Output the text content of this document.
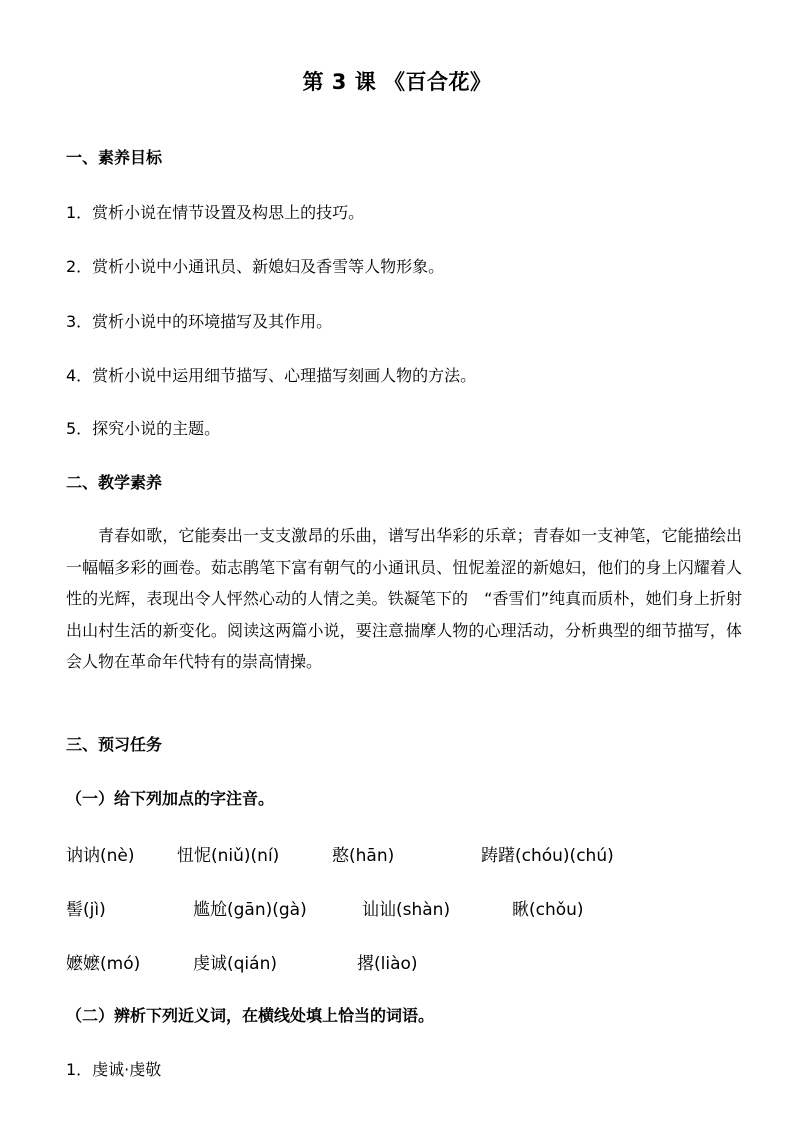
第 3 课 《百合花》
一、素养目标
1．赏析小说在情节设置及构思上的技巧。
2．赏析小说中小通讯员、新媳妇及香雪等人物形象。
3．赏析小说中的环境描写及其作用。
4．赏析小说中运用细节描写、心理描写刻画人物的方法。
5．探究小说的主题。
二、教学素养
青春如歌，它能奏出一支支激昂的乐曲，谱写出华彩的乐章；青春如一支神笔，它能描绘出一幅幅多彩的画卷。茹志鹃笔下富有朝气的小通讯员、忸怩羞涩的新媳妇，他们的身上闪耀着人性的光辉，表现出令人怦然心动的人情之美。铁凝笔下的　“香雪们”纯真而质朴，她们身上折射出山村生活的新变化。阅读这两篇小说，要注意揣摩人物的心理活动，分析典型的细节描写，体会人物在革命年代特有的崇高情操。
三、预习任务
（一）给下列加点的字注音。
讷讷(nè)	忸怩(niǔ)(ní)	憨(hān)	踌躇(chóu)(chú)
髻(jì)	尴尬(gān)(gà)	讪讪(shàn)	瞅(chǒu)
嬷嬷(mó)	虔诚(qián)	撂(liào)
（二）辨析下列近义词，在横线处填上恰当的词语。
1．虔诚·虔敬
